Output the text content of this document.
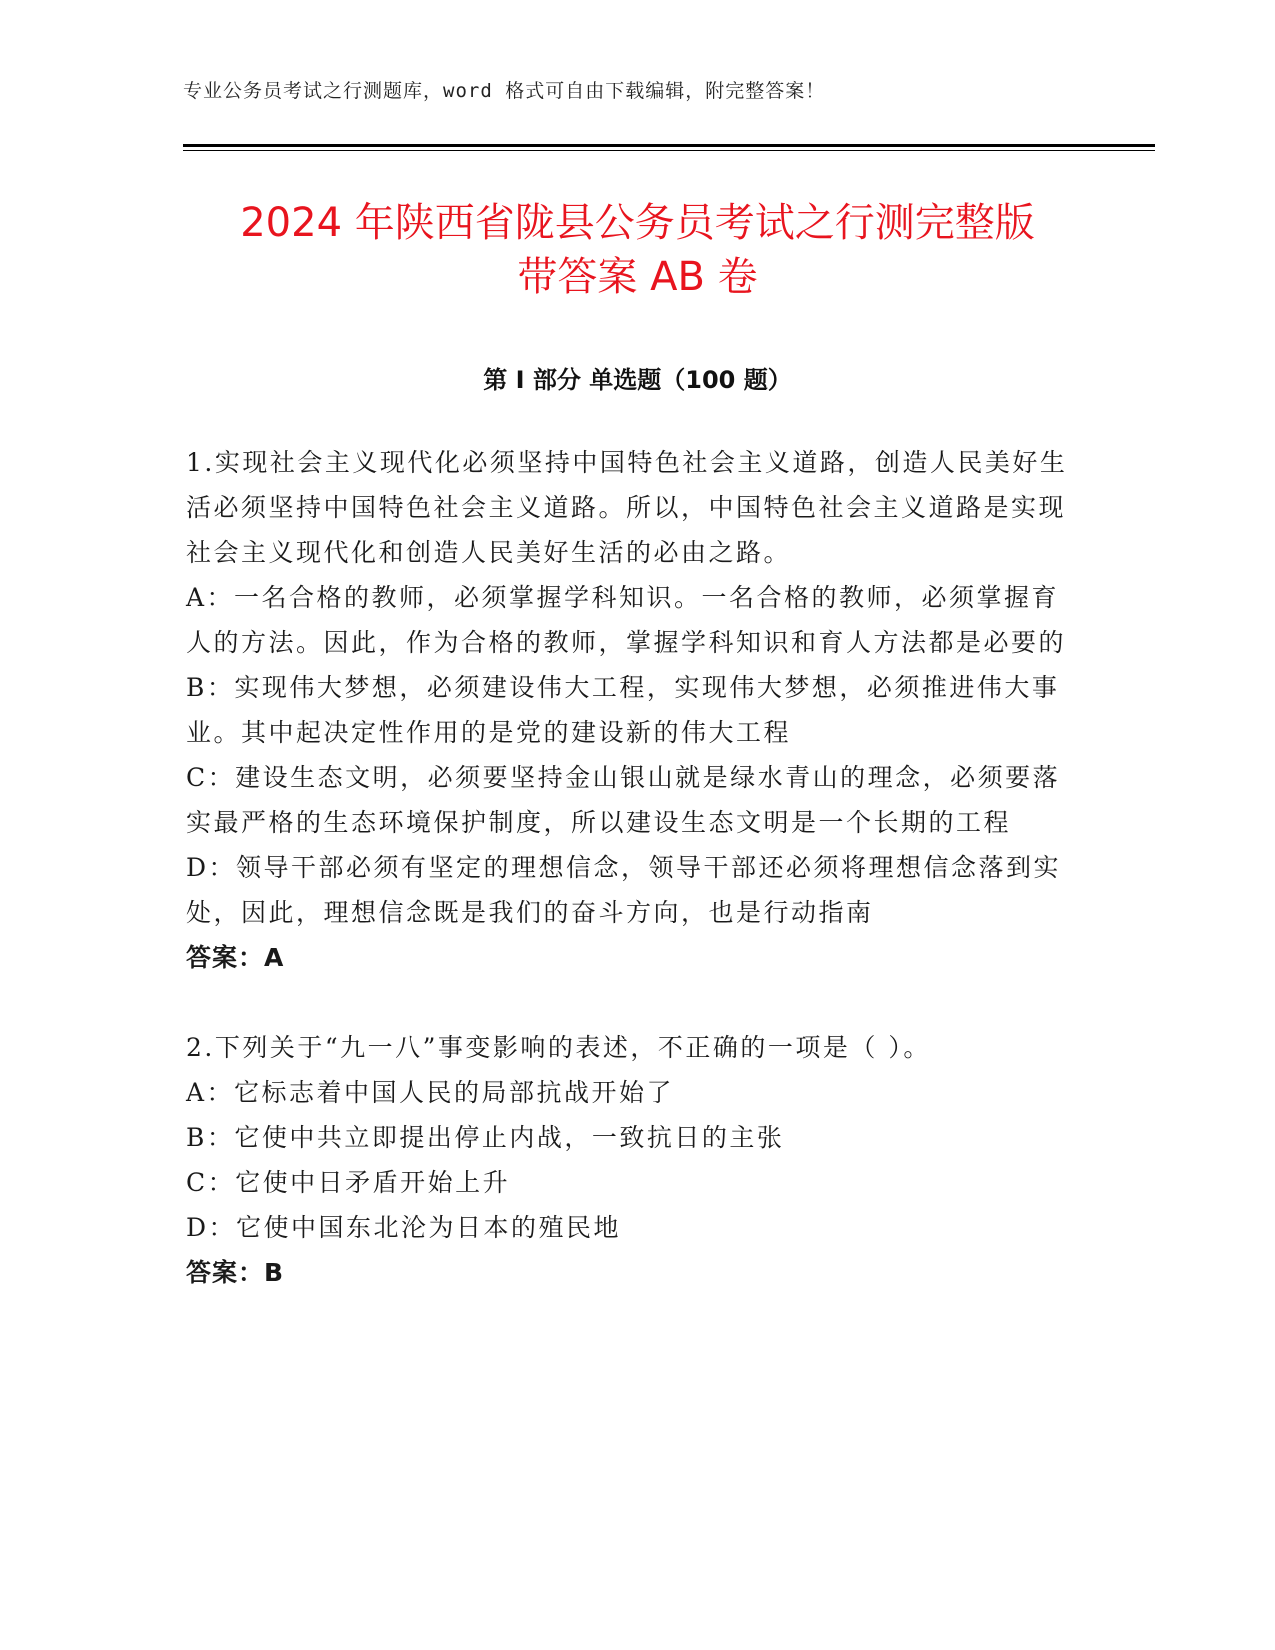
专业公务员考试之行测题库，word 格式可自由下载编辑，附完整答案！
2024 年陕西省陇县公务员考试之行测完整版
带答案 AB 卷
第 I 部分 单选题（100 题）
1.实现社会主义现代化必须坚持中国特色社会主义道路，创造人民美好生活必须坚持中国特色社会主义道路。所以，中国特色社会主义道路是实现社会主义现代化和创造人民美好生活的必由之路。
A：一名合格的教师，必须掌握学科知识。一名合格的教师，必须掌握育人的方法。因此，作为合格的教师，掌握学科知识和育人方法都是必要的
B：实现伟大梦想，必须建设伟大工程，实现伟大梦想，必须推进伟大事业。其中起决定性作用的是党的建设新的伟大工程
C：建设生态文明，必须要坚持金山银山就是绿水青山的理念，必须要落实最严格的生态环境保护制度，所以建设生态文明是一个长期的工程
D：领导干部必须有坚定的理想信念，领导干部还必须将理想信念落到实处，因此，理想信念既是我们的奋斗方向，也是行动指南
答案：A
2.下列关于“九一八”事变影响的表述，不正确的一项是（ ）。
A：它标志着中国人民的局部抗战开始了
B：它使中共立即提出停止内战，一致抗日的主张
C：它使中日矛盾开始上升
D：它使中国东北沦为日本的殖民地
答案：B
